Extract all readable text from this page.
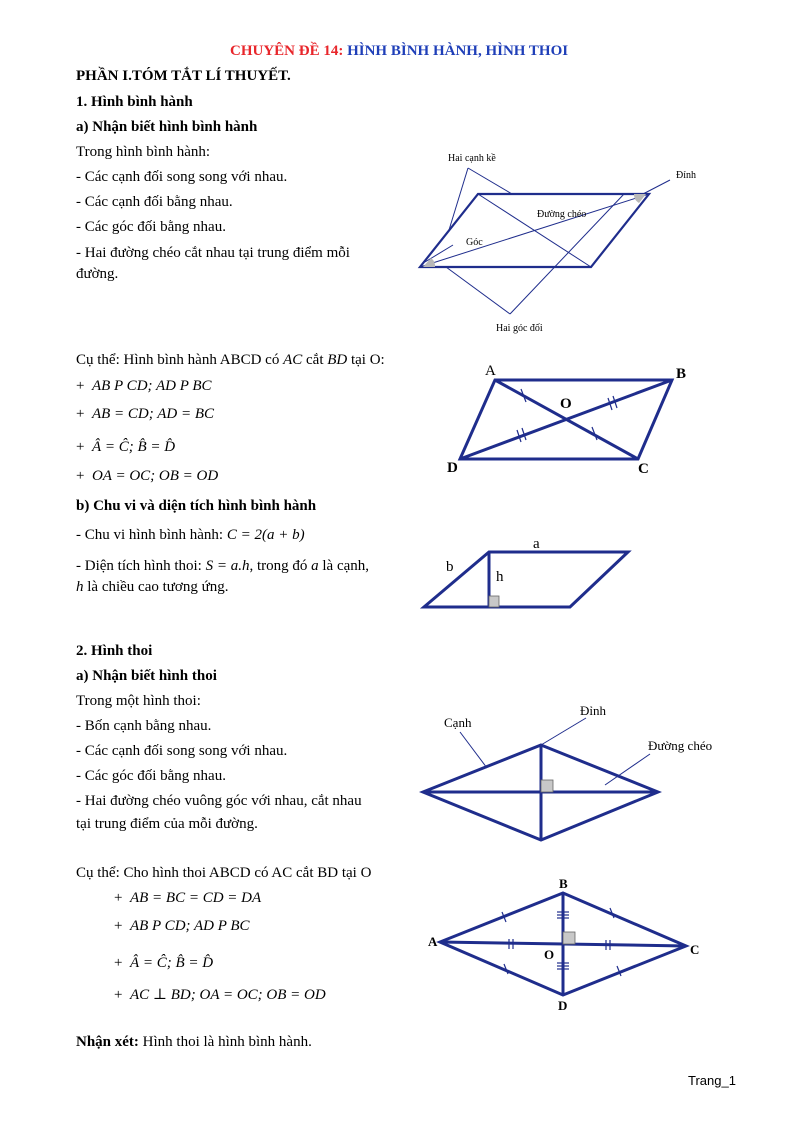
CHUYÊN ĐỀ 14: HÌNH BÌNH HÀNH, HÌNH THOI
PHẦN I.TÓM TẮT LÍ THUYẾT.
1. Hình bình hành
a) Nhận biết hình bình hành
Trong hình bình hành:
- Các cạnh đối song song với nhau.
- Các cạnh đối bằng nhau.
- Các góc đối bằng nhau.
- Hai đường chéo cắt nhau tại trung điểm mỗi
đường.
Hai cạnh kề
Đỉnh
Đường chéo
Góc
Hai góc đối
Cụ thể: Hình bình hành ABCD có AC cắt BD tại O:
+ AB P CD; AD P BC
+ AB = CD; AD = BC
+ Â = Ĉ; B̂ = D̂
+ OA = OC; OB = OD
A	B
C
D
O
b) Chu vi và diện tích hình bình hành
- Chu vi hình bình hành: C = 2(a + b)
- Diện tích hình thoi: S = a.h, trong đó a là cạnh,
h là chiều cao tương ứng.
a
b
h
2. Hình thoi
a) Nhận biết hình thoi
Trong một hình thoi:
- Bốn cạnh bằng nhau.
- Các cạnh đối song song với nhau.
- Các góc đối bằng nhau.
- Hai đường chéo vuông góc với nhau, cắt nhau
tại trung điểm của mỗi đường.
Cạnh
Đỉnh
Đường chéo
Cụ thể: Cho hình thoi ABCD có AC cắt BD tại O
+ AB = BC = CD = DA
+ AB P CD; AD P BC
+ Â = Ĉ; B̂ = D̂
+ AC ⊥ BD; OA = OC; OB = OD
A
B
C
D
O
Nhận xét: Hình thoi là hình bình hành.
Trang_1
